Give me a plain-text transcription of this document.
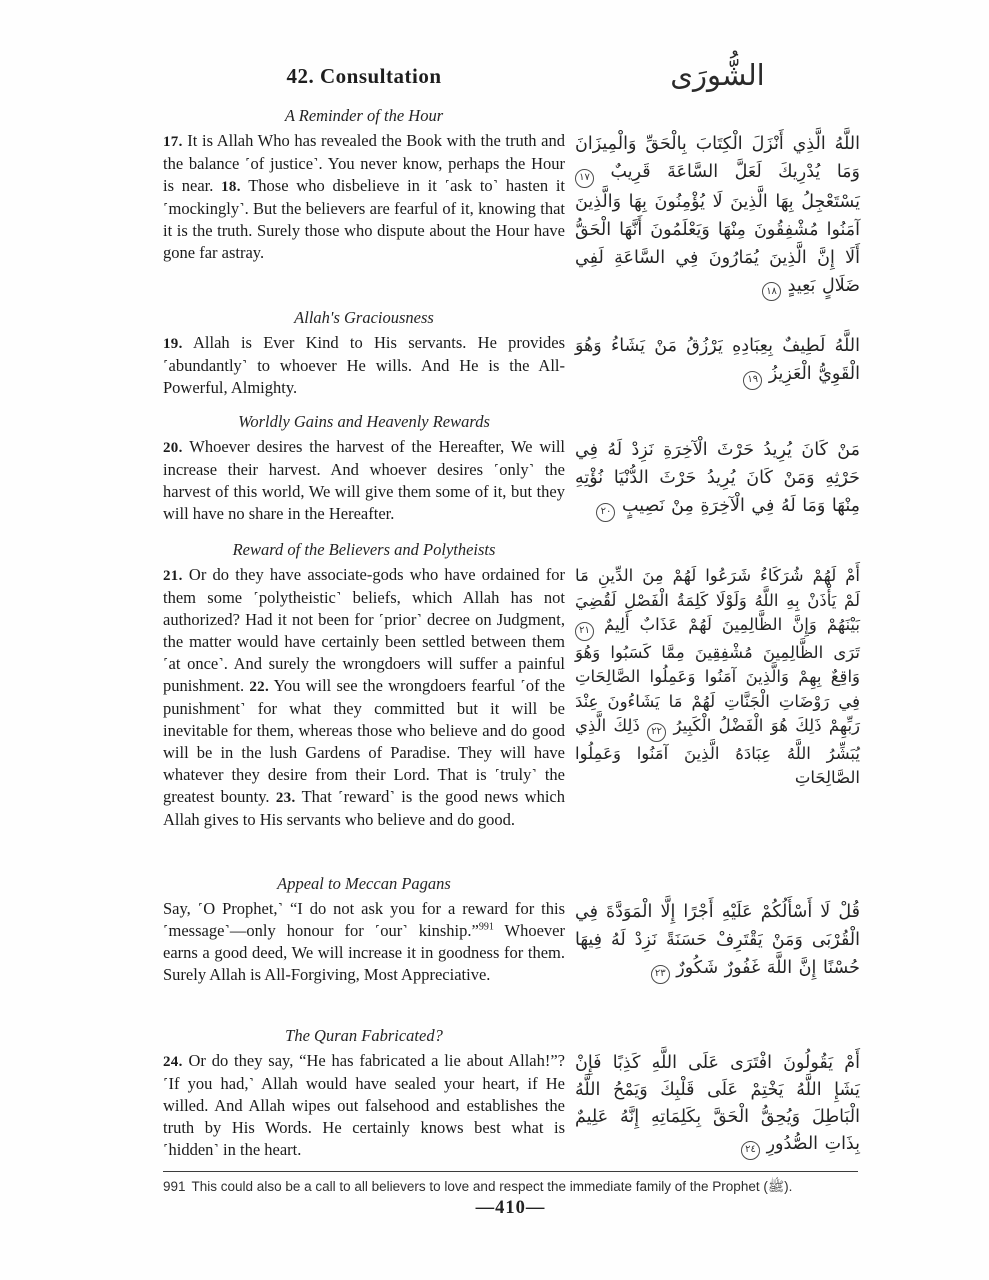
42. Consultation	الشُّورَى
A Reminder of the Hour

17. It is Allah Who has revealed the Book with the truth and the balance ˹of justice˺. You never know, perhaps the Hour is near. 18. Those who disbelieve in it ˹ask to˺ hasten it ˹mockingly˺. But the believers are fearful of it, knowing that it is the truth. Surely those who dispute about the Hour have gone far astray.

اللَّهُ الَّذِي أَنْزَلَ الْكِتَابَ بِالْحَقِّ وَالْمِيزَانَ وَمَا يُدْرِيكَ لَعَلَّ السَّاعَةَ قَرِيبٌ ١٧ يَسْتَعْجِلُ بِهَا الَّذِينَ لَا يُؤْمِنُونَ بِهَا وَالَّذِينَ آمَنُوا مُشْفِقُونَ مِنْهَا وَيَعْلَمُونَ أَنَّهَا الْحَقُّ أَلَا إِنَّ الَّذِينَ يُمَارُونَ فِي السَّاعَةِ لَفِي ضَلَالٍ بَعِيدٍ ١٨
Allah's Graciousness

19. Allah is Ever Kind to His servants. He provides ˹abundantly˺ to whoever He wills. And He is the All-Powerful, Almighty.

اللَّهُ لَطِيفٌ بِعِبَادِهِ يَرْزُقُ مَنْ يَشَاءُ وَهُوَ الْقَوِيُّ الْعَزِيزُ ١٩
Worldly Gains and Heavenly Rewards

20. Whoever desires the harvest of the Hereafter, We will increase their harvest. And whoever desires ˹only˺ the harvest of this world, We will give them some of it, but they will have no share in the Hereafter.

مَنْ كَانَ يُرِيدُ حَرْثَ الْآخِرَةِ نَزِدْ لَهُ فِي حَرْثِهِ وَمَنْ كَانَ يُرِيدُ حَرْثَ الدُّنْيَا نُؤْتِهِ مِنْهَا وَمَا لَهُ فِي الْآخِرَةِ مِنْ نَصِيبٍ ٢٠
Reward of the Believers and Polytheists

21. Or do they have associate-gods who have ordained for them some ˹polytheistic˺ beliefs, which Allah has not authorized? Had it not been for ˹prior˺ decree on Judgment, the matter would have certainly been settled between them ˹at once˺. And surely the wrongdoers will suffer a painful punishment. 22. You will see the wrongdoers fearful ˹of the punishment˺ for what they committed but it will be inevitable for them, whereas those who believe and do good will be in the lush Gardens of Paradise. They will have whatever they desire from their Lord. That is ˹truly˺ the greatest bounty. 23. That ˹reward˺ is the good news which Allah gives to His servants who believe and do good.

أَمْ لَهُمْ شُرَكَاءُ شَرَعُوا لَهُمْ مِنَ الدِّينِ مَا لَمْ يَأْذَنْ بِهِ اللَّهُ وَلَوْلَا كَلِمَةُ الْفَصْلِ لَقُضِيَ بَيْنَهُمْ وَإِنَّ الظَّالِمِينَ لَهُمْ عَذَابٌ أَلِيمٌ ٢١ تَرَى الظَّالِمِينَ مُشْفِقِينَ مِمَّا كَسَبُوا وَهُوَ وَاقِعٌ بِهِمْ وَالَّذِينَ آمَنُوا وَعَمِلُوا الصَّالِحَاتِ فِي رَوْضَاتِ الْجَنَّاتِ لَهُمْ مَا يَشَاءُونَ عِنْدَ رَبِّهِمْ ذَلِكَ هُوَ الْفَضْلُ الْكَبِيرُ ٢٢ ذَلِكَ الَّذِي يُبَشِّرُ اللَّهُ عِبَادَهُ الَّذِينَ آمَنُوا وَعَمِلُوا الصَّالِحَاتِ
Appeal to Meccan Pagans

Say, ˹O Prophet,˺ “I do not ask you for a reward for this ˹message˺—only honour for ˹our˺ kinship.”$^{991}$ Whoever earns a good deed, We will increase it in goodness for them. Surely Allah is All-Forgiving, Most Appreciative.

قُلْ لَا أَسْأَلُكُمْ عَلَيْهِ أَجْرًا إِلَّا الْمَوَدَّةَ فِي الْقُرْبَى وَمَنْ يَقْتَرِفْ حَسَنَةً نَزِدْ لَهُ فِيهَا حُسْنًا إِنَّ اللَّهَ غَفُورٌ شَكُورٌ ٢٣
The Quran Fabricated?

24. Or do they say, “He has fabricated a lie about Allah!”? ˹If you had,˺ Allah would have sealed your heart, if He willed. And Allah wipes out falsehood and establishes the truth by His Words. He certainly knows best what is ˹hidden˺ in the heart.

أَمْ يَقُولُونَ افْتَرَى عَلَى اللَّهِ كَذِبًا فَإِنْ يَشَإِ اللَّهُ يَخْتِمْ عَلَى قَلْبِكَ وَيَمْحُ اللَّهُ الْبَاطِلَ وَيُحِقُّ الْحَقَّ بِكَلِمَاتِهِ إِنَّهُ عَلِيمٌ بِذَاتِ الصُّدُورِ ٢٤

991 This could also be a call to all believers to love and respect the immediate family of the Prophet (ﷺ).

—410—
